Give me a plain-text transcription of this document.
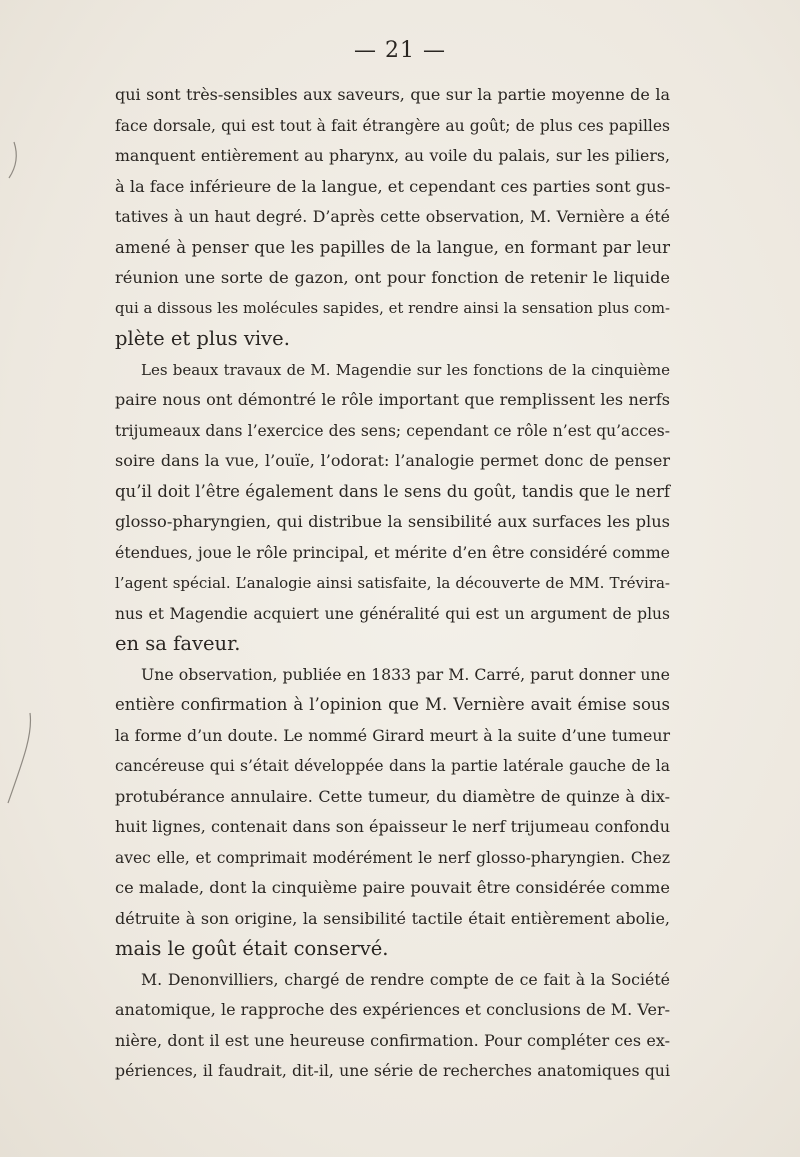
— 21 —
qui sont très-sensibles aux saveurs, que sur la partie moyenne de la
face dorsale, qui est tout à fait étrangère au goût; de plus ces papilles
manquent entièrement au pharynx, au voile du palais, sur les piliers,
à la face inférieure de la langue, et cependant ces parties sont gus-
tatives à un haut degré. D’après cette observation, M. Vernière a été
amené à penser que les papilles de la langue, en formant par leur
réunion une sorte de gazon, ont pour fonction de retenir le liquide
qui a dissous les molécules sapides, et rendre ainsi la sensation plus com-
plète et plus vive.
Les beaux travaux de M. Magendie sur les fonctions de la cinquième
paire nous ont démontré le rôle important que remplissent les nerfs
trijumeaux dans l’exercice des sens; cependant ce rôle n’est qu’acces-
soire dans la vue, l’ouïe, l’odorat: l’analogie permet donc de penser
qu’il doit l’être également dans le sens du goût, tandis que le nerf
glosso-pharyngien, qui distribue la sensibilité aux surfaces les plus
étendues, joue le rôle principal, et mérite d’en être considéré comme
l’agent spécial. L’analogie ainsi satisfaite, la découverte de MM. Trévira-
nus et Magendie acquiert une généralité qui est un argument de plus
en sa faveur.
Une observation, publiée en 1833 par M. Carré, parut donner une
entière confirmation à l’opinion que M. Vernière avait émise sous
la forme d’un doute. Le nommé Girard meurt à la suite d’une tumeur
cancéreuse qui s’était développée dans la partie latérale gauche de la
protubérance annulaire. Cette tumeur, du diamètre de quinze à dix-
huit lignes, contenait dans son épaisseur le nerf trijumeau confondu
avec elle, et comprimait modérément le nerf glosso-pharyngien. Chez
ce malade, dont la cinquième paire pouvait être considérée comme
détruite à son origine, la sensibilité tactile était entièrement abolie,
mais le goût était conservé.
M. Denonvilliers, chargé de rendre compte de ce fait à la Société
anatomique, le rapproche des expériences et conclusions de M. Ver-
nière, dont il est une heureuse confirmation. Pour compléter ces ex-
périences, il faudrait, dit-il, une série de recherches anatomiques qui
